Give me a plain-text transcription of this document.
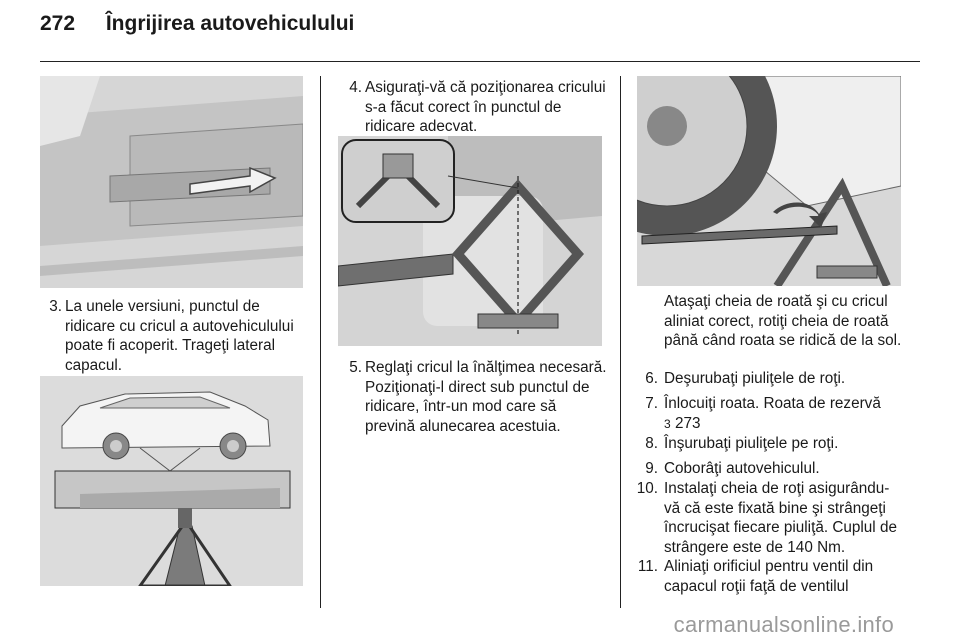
272 Îngrijirea autovehiculului
3. La unele versiuni, punctul de ridicare cu cricul a autovehiculului poate fi acoperit. Trageţi lateral capacul.
4. Asiguraţi-vă că poziţionarea cricului s-a făcut corect în punctul de ridicare adecvat.
5. Reglaţi cricul la înălţimea necesară. Poziţionaţi-l direct sub punctul de ridicare, într-un mod care să prevină alunecarea acestuia.
Ataşaţi cheia de roată şi cu cricul aliniat corect, rotiţi cheia de roată până când roata se ridică de la sol.
6. Deşurubaţi piuliţele de roţi.
7. Înlocuiţi roata. Roata de rezervă
3 273
8. Înşurubaţi piuliţele pe roţi.
9. Coborâţi autovehiculul.
10. Instalaţi cheia de roţi asigurându-vă că este fixată bine şi strângeţi încrucişat fiecare piuliţă. Cuplul de strângere este de 140 Nm.
11. Aliniaţi orificiul pentru ventil din capacul roţii faţă de ventilul
carmanualsonline.info
